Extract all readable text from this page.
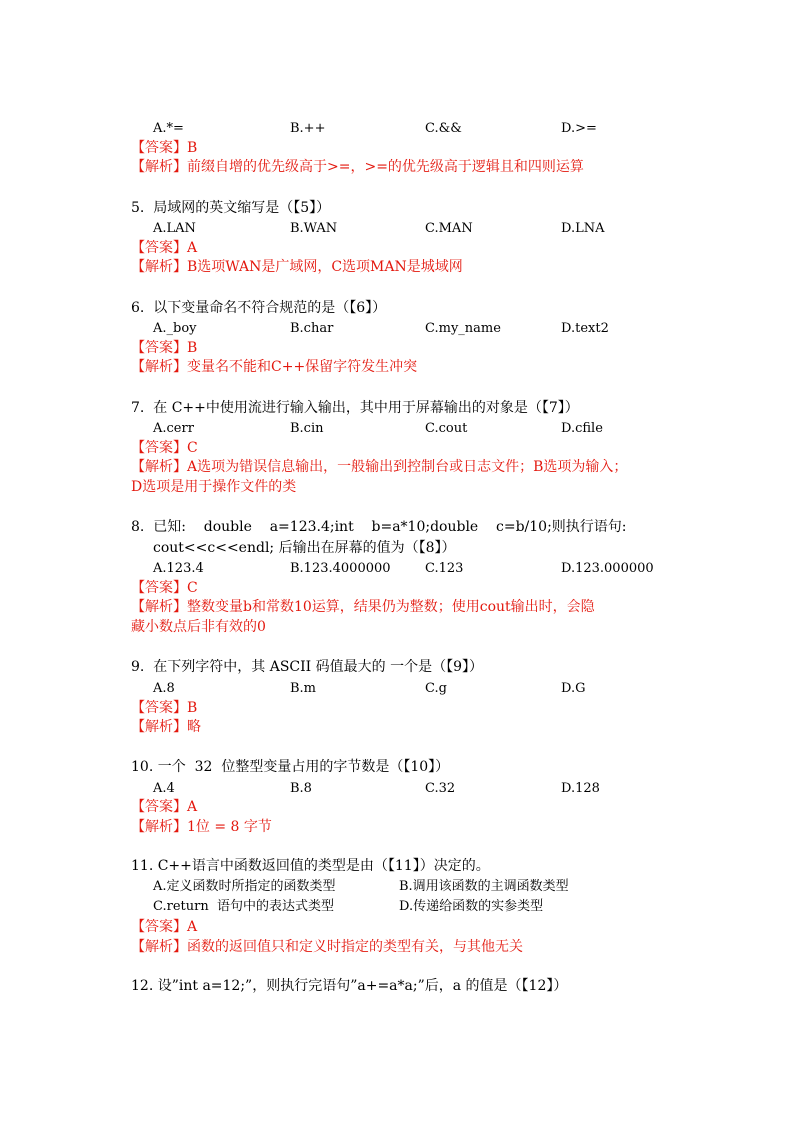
A.*=	B.++	C.&&	D.>=
【答案】B
【解析】前缀自增的优先级高于>=，>=的优先级高于逻辑且和四则运算
5.  局域网的英文缩写是（【5】）
A.LAN	B.WAN	C.MAN	D.LNA
【答案】A
【解析】B选项WAN是广域网，C选项MAN是城域网
6.  以下变量命名不符合规范的是（【6】）
A._boy	B.char	C.my_name	D.text2
【答案】B
【解析】变量名不能和C++保留字符发生冲突
7.  在 C++中使用流进行输入输出，其中用于屏幕输出的对象是（【7】）
A.cerr	B.cin	C.cout	D.cfile
【答案】C
【解析】A选项为错误信息输出，一般输出到控制台或日志文件；B选项为输入；
D选项是用于操作文件的类
8.  已知:    double    a=123.4;int    b=a*10;double    c=b/10;则执行语句:
cout<<c<<endl; 后输出在屏幕的值为（【8】）
A.123.4	B.123.4000000	C.123	D.123.000000
【答案】C
【解析】整数变量b和常数10运算，结果仍为整数；使用cout输出时，会隐
藏小数点后非有效的0
9.  在下列字符中，其 ASCII 码值最大的 一个是（【9】）
A.8	B.m	C.g	D.G
【答案】B
【解析】略
10. 一个  32  位整型变量占用的字节数是（【10】）
A.4	B.8	C.32	D.128
【答案】A
【解析】1位 = 8 字节
11. C++语言中函数返回值的类型是由（【11】）决定的。
A.定义函数时所指定的函数类型	B.调用该函数的主调函数类型
C.return  语句中的表达式类型	D.传递给函数的实参类型
【答案】A
【解析】函数的返回值只和定义时指定的类型有关，与其他无关
12. 设”int a=12;”，则执行完语句”a+=a*a;”后，a 的值是（【12】）
